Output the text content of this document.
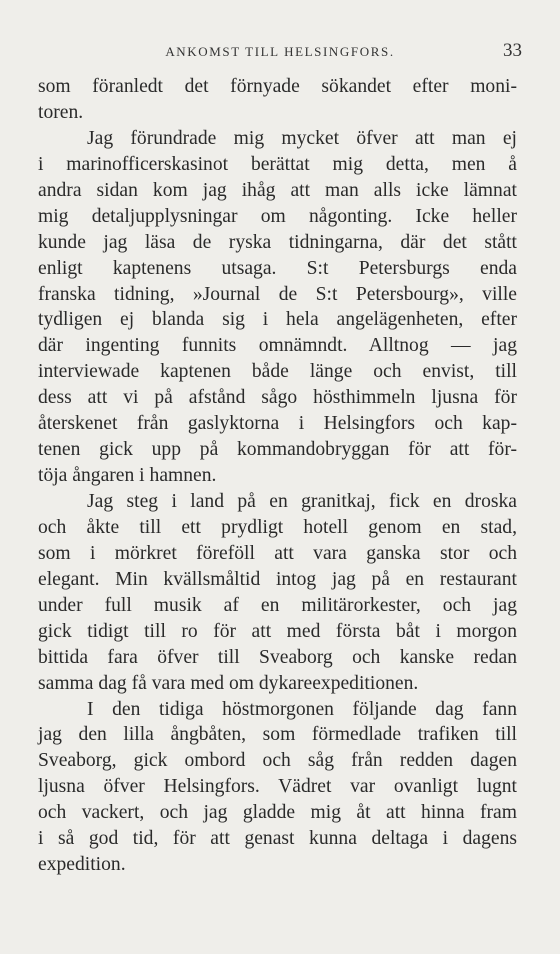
ANKOMST TILL HELSINGFORS.	33
som föranledt det förnyade sökandet efter moni-
toren.
Jag förundrade mig mycket öfver att man ej
i marinofficerskasinot berättat mig detta, men å
andra sidan kom jag ihåg att man alls icke lämnat
mig detaljupplysningar om någonting. Icke heller
kunde jag läsa de ryska tidningarna, där det stått
enligt kaptenens utsaga. S:t Petersburgs enda
franska tidning, »Journal de S:t Petersbourg», ville
tydligen ej blanda sig i hela angelägenheten, efter
där ingenting funnits omnämndt. Alltnog — jag
interviewade kaptenen både länge och envist, till
dess att vi på afstånd sågo hösthimmeln ljusna för
återskenet från gaslyktorna i Helsingfors och kap-
tenen gick upp på kommandobryggan för att för-
töja ångaren i hamnen.
Jag steg i land på en granitkaj, fick en droska
och åkte till ett prydligt hotell genom en stad,
som i mörkret föreföll att vara ganska stor och
elegant. Min kvällsmåltid intog jag på en restaurant
under full musik af en militärorkester, och jag
gick tidigt till ro för att med första båt i morgon
bittida fara öfver till Sveaborg och kanske redan
samma dag få vara med om dykareexpeditionen.
I den tidiga höstmorgonen följande dag fann
jag den lilla ångbåten, som förmedlade trafiken till
Sveaborg, gick ombord och såg från redden dagen
ljusna öfver Helsingfors. Vädret var ovanligt lugnt
och vackert, och jag gladde mig åt att hinna fram
i så god tid, för att genast kunna deltaga i dagens
expedition.
